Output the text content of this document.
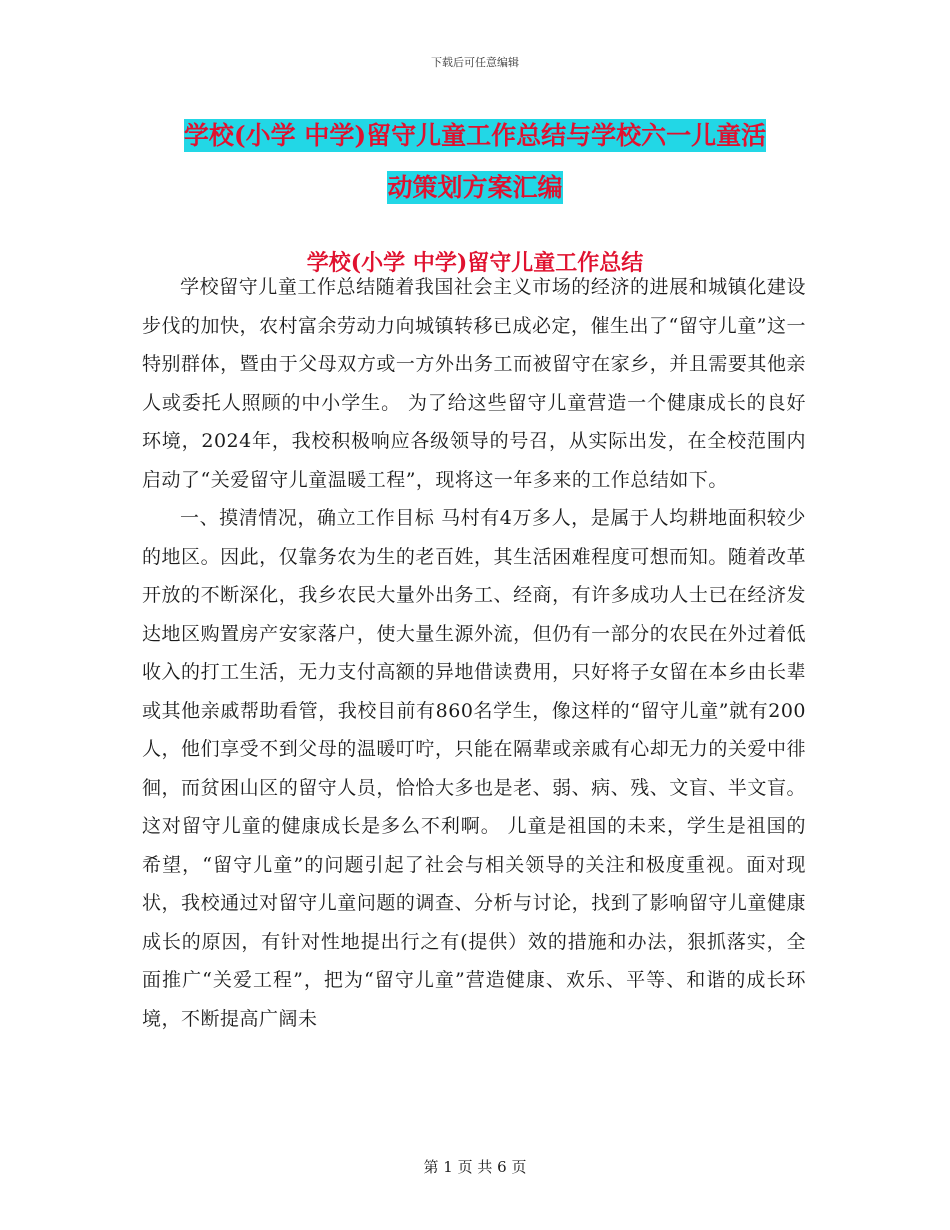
下载后可任意编辑
学校(小学 中学)留守儿童工作总结与学校六一儿童活
动策划方案汇编
学校(小学 中学)留守儿童工作总结

学校留守儿童工作总结随着我国社会主义市场的经济的进展和城镇化建设步伐的加快，农村富余劳动力向城镇转移已成必定，催生出了“留守儿童”这一特别群体，暨由于父母双方或一方外出务工而被留守在家乡，并且需要其他亲人或委托人照顾的中小学生。 为了给这些留守儿童营造一个健康成长的良好环境，2024年，我校积极响应各级领导的号召，从实际出发，在全校范围内启动了“关爱留守儿童温暖工程”，现将这一年多来的工作总结如下。

一、摸清情况，确立工作目标 马村有4万多人，是属于人均耕地面积较少的地区。因此，仅靠务农为生的老百姓，其生活困难程度可想而知。随着改革开放的不断深化，我乡农民大量外出务工、经商，有许多成功人士已在经济发达地区购置房产安家落户，使大量生源外流，但仍有一部分的农民在外过着低收入的打工生活，无力支付高额的异地借读费用，只好将子女留在本乡由长辈或其他亲戚帮助看管，我校目前有860名学生，像这样的“留守儿童”就有200人，他们享受不到父母的温暖叮咛，只能在隔辈或亲戚有心却无力的关爱中徘徊，而贫困山区的留守人员，恰恰大多也是老、弱、病、残、文盲、半文盲。这对留守儿童的健康成长是多么不利啊。 儿童是祖国的未来，学生是祖国的希望，“留守儿童”的问题引起了社会与相关领导的关注和极度重视。面对现状，我校通过对留守儿童问题的调查、分析与讨论，找到了影响留守儿童健康成长的原因，有针对性地提出行之有(提供）效的措施和办法，狠抓落实，全面推广“关爱工程”，把为“留守儿童”营造健康、欢乐、平等、和谐的成长环境，不断提高广阔未

第 1 页 共 6 页
